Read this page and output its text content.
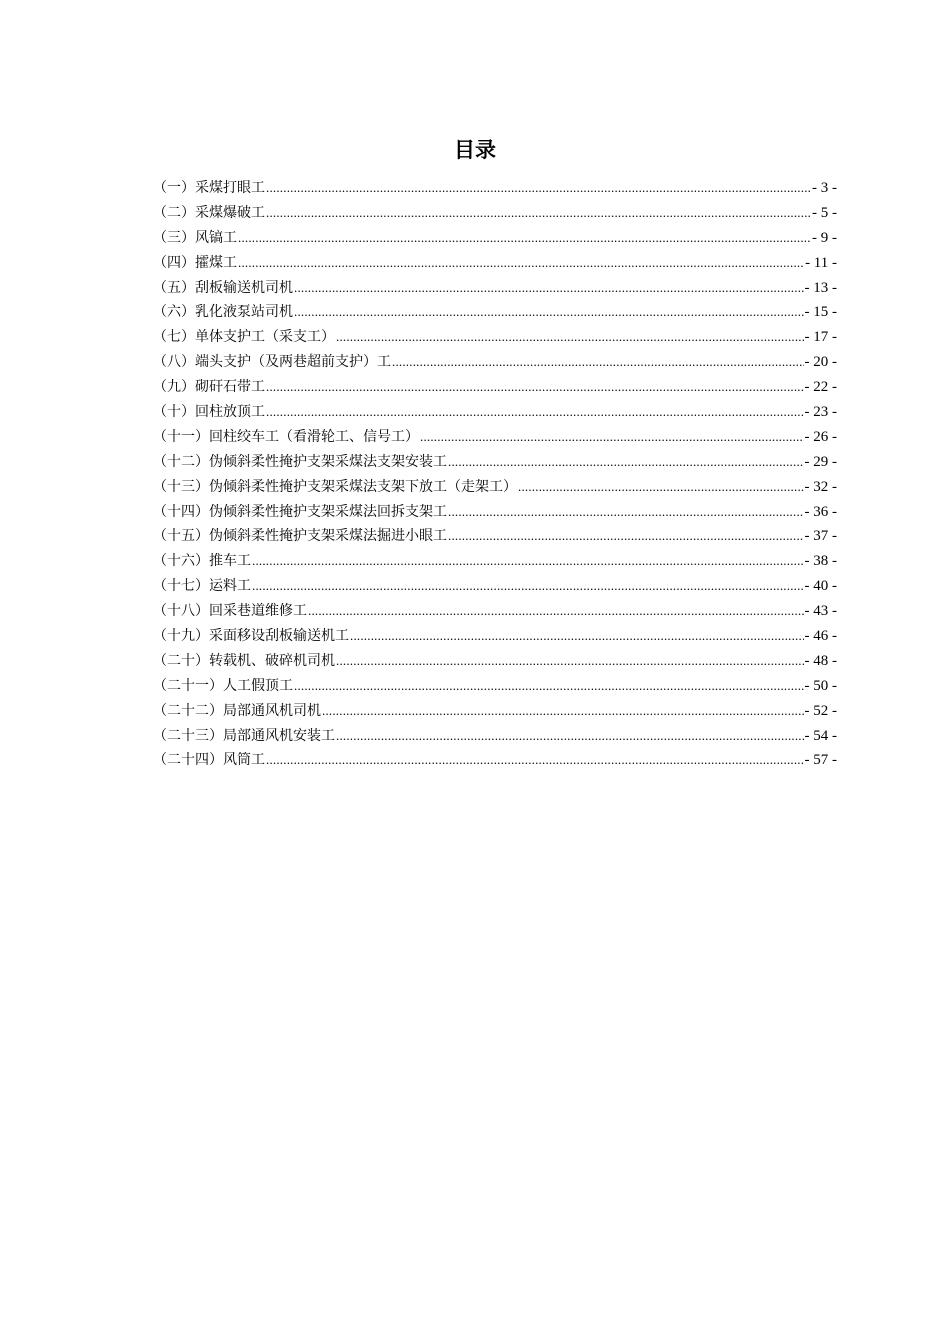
目录
（一）采煤打眼工 .....	- 3 -
（二）采煤爆破工 .....	- 5 -
（三）风镐工 .....	- 9 -
（四）攉煤工 .....	- 11 -
（五）刮板输送机司机 .....	- 13 -
（六）乳化液泵站司机 .....	- 15 -
（七）单体支护工（采支工） .....	- 17 -
（八）端头支护（及两巷超前支护）工 .....	- 20 -
（九）砌矸石带工 .....	- 22 -
（十）回柱放顶工 .....	- 23 -
（十一）回柱绞车工（看滑轮工、信号工） .....	- 26 -
（十二）伪倾斜柔性掩护支架采煤法支架安装工 .....	- 29 -
（十三）伪倾斜柔性掩护支架采煤法支架下放工（走架工） .....	- 32 -
（十四）伪倾斜柔性掩护支架采煤法回拆支架工 .....	- 36 -
（十五）伪倾斜柔性掩护支架采煤法掘进小眼工 .....	- 37 -
（十六）推车工 .....	- 38 -
（十七）运料工 .....	- 40 -
（十八）回采巷道维修工 .....	- 43 -
（十九）采面移设刮板输送机工 .....	- 46 -
（二十）转载机、破碎机司机 .....	- 48 -
（二十一）人工假顶工 .....	- 50 -
（二十二）局部通风机司机 .....	- 52 -
（二十三）局部通风机安装工 .....	- 54 -
（二十四）风筒工 .....	- 57 -
